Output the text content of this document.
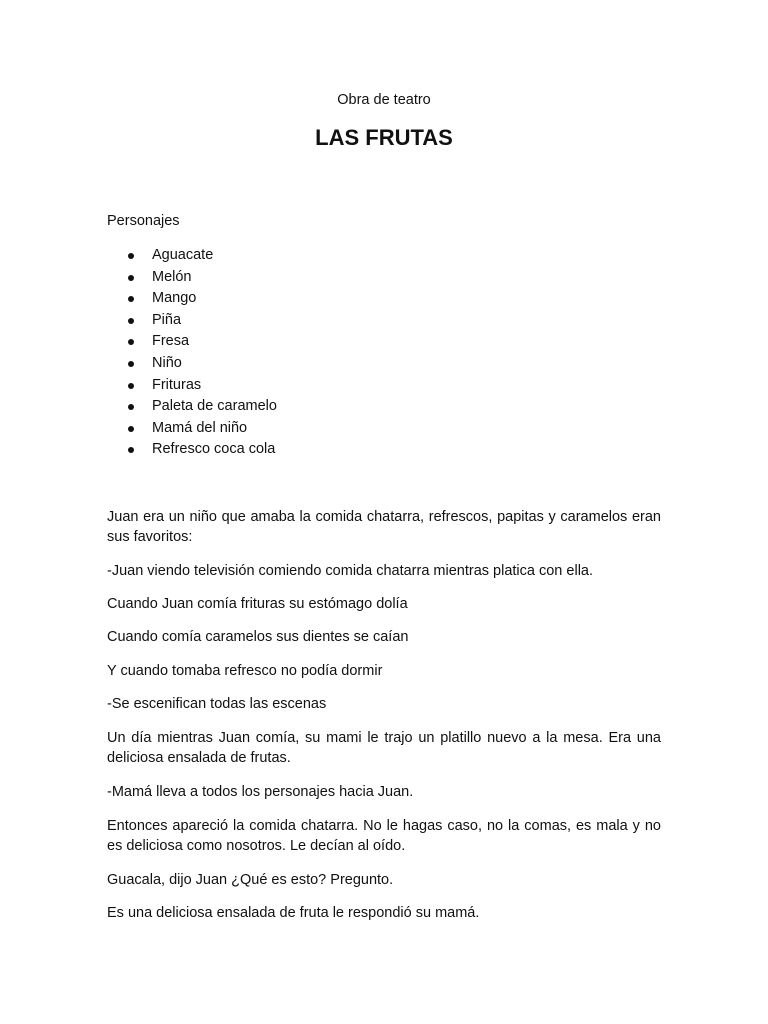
Obra de teatro
LAS FRUTAS
Personajes
Aguacate
Melón
Mango
Piña
Fresa
Niño
Frituras
Paleta de caramelo
Mamá del niño
Refresco coca cola

Juan era un niño que amaba la comida chatarra, refrescos, papitas y caramelos eran sus favoritos:

-Juan viendo televisión comiendo comida chatarra mientras platica con ella.

Cuando Juan comía frituras su estómago dolía

Cuando comía caramelos sus dientes se caían

Y cuando tomaba refresco no podía dormir

-Se escenifican todas las escenas

Un día mientras Juan comía, su mami le trajo un platillo nuevo a la mesa. Era una deliciosa ensalada de frutas.

-Mamá lleva a todos los personajes hacia Juan.

Entonces apareció la comida chatarra. No le hagas caso, no la comas, es mala y no es deliciosa como nosotros. Le decían al oído.

Guacala, dijo Juan ¿Qué es esto? Pregunto.

Es una deliciosa ensalada de fruta le respondió su mamá.
